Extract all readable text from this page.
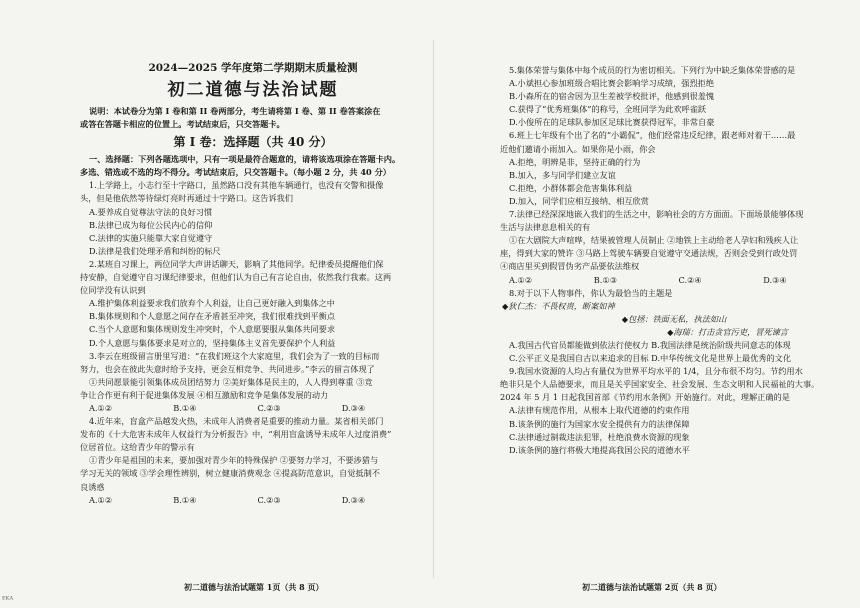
2024—2025 学年度第二学期期末质量检测
初二道德与法治试题
说明：本试卷分为第 I 卷和第 II 卷两部分，考生请将第 I 卷、第 II 卷答案涂在
或答在答题卡相应的位置上。考试结束后，只交答题卡。
第 I 卷：选择题（共 40 分）
一、选择题：下列各题选项中，只有一项是最符合题意的，请将该选项涂在答题卡内。
多选、错选或不选的均不得分。考试结束后，只交答题卡。（每小题 2 分，共 40 分）
1.上学路上，小志行至十字路口，虽然路口没有其他车辆通行，也没有交警和摄像
头，但是他依然等待绿灯亮时再通过十字路口。这告诉我们
A.要养成自觉尊法守法的良好习惯
B.法律已成为每位公民内心的信仰
C.法律的实施只能靠大家自觉遵守
D.法律是我们处理矛盾和纠纷的标尺
2.某班自习课上，两位同学大声讲话聊天，影响了其他同学。纪律委员提醒他们保
持安静，自觉遵守自习课纪律要求，但他们认为自己有言论自由，依然我行我素。这两
位同学没有认识到
A.维护集体利益要求我们放弃个人利益，让自己更好融入到集体之中
B.集体规则和个人意愿之间存在矛盾甚至冲突，我们很难找到平衡点
C.当个人意愿和集体规则发生冲突时，个人意愿要服从集体共同要求
D.个人意愿与集体要求是对立的，坚持集体主义首先要保护个人利益
3.李云在班级留言册里写道：“在我们班这个大家庭里，我们会为了一致的目标而
努力，也会在彼此失意时给予支持，更会互相竞争、共同进步。”李云的留言体现了
①共同愿景能引领集体成员团结努力 ②美好集体是民主的，人人得到尊重 ③竞
争让合作更有利于促进集体发展 ④相互激励和竞争是集体发展的动力
A.①②	B.①④	C.②③	D.③④
4.近年来，盲盒产品越发火热，未成年人消费者是重要的推动力量。某省相关部门
发布的《十大危害未成年人权益行为分析报告》中，“利用盲盒诱导未成年人过度消费”
位居首位。这给青少年的警示有
①青少年是祖国的未来，要加强对青少年的特殊保护 ②要努力学习，不要涉猎与
学习无关的领域 ③学会理性辨别，树立健康消费观念 ④提高防范意识，自觉抵制不
良诱惑
A.①②	B.①④	C.②③	D.③④
初二道德与法治试题第 1页（共 8 页）
5.集体荣誉与集体中每个成员的行为密切相关。下列行为中缺乏集体荣誉感的是
A.小斌担心参加班级合唱比赛会影响学习成绩，强烈拒绝
B.小森所在的宿舍因为卫生差被学校批评，他感到很羞愧
C.获得了“优秀班集体”的称号，全班同学为此欢呼雀跃
D.小俊所在的足球队参加区足球比赛获得冠军，非常自豪
6.班上七年级有个出了名的“小霸侃”，他们经常违反纪律，跟老师对着干……最
近他们邀请小雨加入。如果你是小雨，你会
A.拒绝，明辨是非，坚持正确的行为
B.加入，多与同学们建立友谊
C.拒绝，小群体都会危害集体利益
D.加入，同学们应相互接纳、相互欣赏
7.法律已经深深地嵌入我们的生活之中，影响社会的方方面面。下面场景能够体现
生活与法律息息相关的有
①在大剧院大声喧哗，结果被管理人员制止 ②地铁上主动给老人孕妇和残疾人让
座，得到大家的赞许 ③马路上驾驶车辆要自觉遵守交通法规，否则会受到行政处罚
④商店里买到假冒伪劣产品要依法维权
A.①②	B.①③	C.②④	D.③④
8.对于以下人物事件，你认为最恰当的主题是
◆狄仁杰：不畏权贵，断案如神
◆包拯：铁面无私，执法如山
◆海瑞：打击贪官污吏，冒死谏言
A.我国古代官员都能做到依法行使权力 B.我国法律是统治阶级共同意志的体现
C.公平正义是我国自古以来追求的目标 D.中华传统文化是世界上最优秀的文化
9.我国水资源的人均占有量仅为世界平均水平的 1/4，且分布很不均匀。节约用水
绝非只是个人品德要求，而且是关乎国家安全、社会发展、生态文明和人民福祉的大事。
2024 年 5 月 1 日起我国首部《节约用水条例》开始施行。对此，理解正确的是
A.法律有规范作用，从根本上取代道德的约束作用
B.该条例的施行为国家水安全提供有力的法律保障
C.法律通过制裁违法犯罪，杜绝浪费水资源的现象
D.该条例的施行将极大地提高我国公民的道德水平
初二道德与法治试题第 2页（共 8 页）
ᴱᴷᴬ
